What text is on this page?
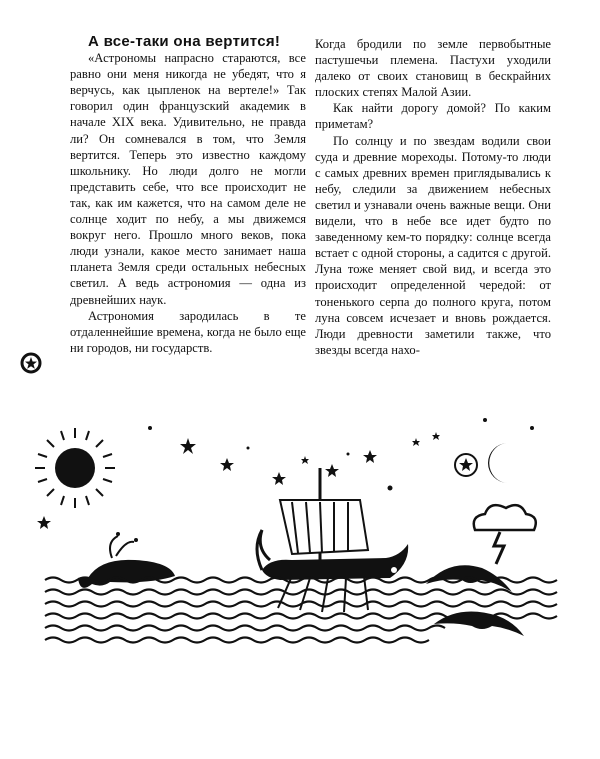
А все-таки она вертится!

«Астрономы напрасно стараются, все равно они меня никогда не убедят, что я верчусь, как цыпленок на вертеле!» Так говорил один французский академик в начале XIX века. Удивительно, не правда ли? Он сомневался в том, что Земля вертится. Теперь это известно каждому школьнику. Но люди долго не могли представить себе, что все происходит не так, как им кажется, что на самом деле не солнце ходит по небу, а мы движемся вокруг него. Прошло много веков, пока люди узнали, какое место занимает наша планета Земля среди остальных небесных светил. А ведь астрономия — одна из древнейших наук.

Астрономия зародилась в те отдаленнейшие времена, когда не было еще ни городов, ни государств.

Когда бродили по земле первобытные пастушечьи племена. Пастухи уходили далеко от своих становищ в бескрайних плоских степях Малой Азии.

Как найти дорогу домой? По каким приметам?

По солнцу и по звездам водили свои суда и древние мореходы. Потому-то люди с самых древних времен приглядывались к небу, следили за движением небесных светил и узнавали очень важные вещи. Они видели, что в небе все идет будто по заведенному кем-то порядку: солнце всегда встает с одной стороны, а садится с другой. Луна тоже меняет свой вид, и всегда это происходит определенной чередой: от тоненького серпа до полного круга, потом луна совсем исчезает и вновь рождается. Люди древности заметили также, что звезды всегда нахо-
